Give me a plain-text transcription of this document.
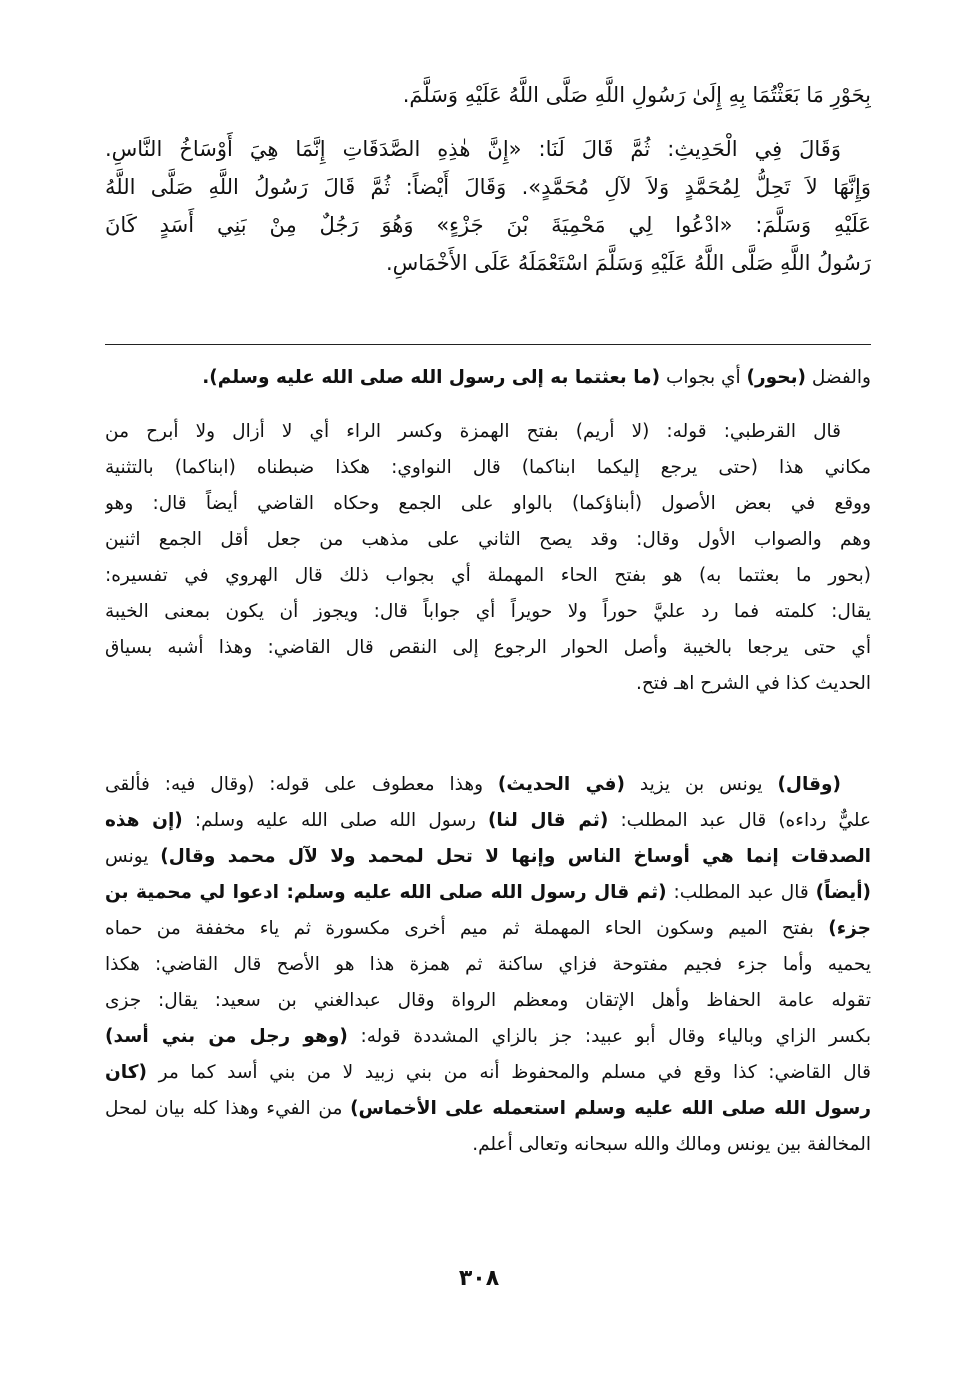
بِحَوْرِ مَا بَعَثْتُمَا بِهِ إِلَىٰ رَسُولِ اللَّهِ صَلَّى اللَّهُ عَلَيْهِ وَسَلَّمَ.
وَقَالَ فِي الْحَدِيثِ: ثُمَّ قَالَ لَنَا: «إِنَّ هٰذِهِ الصَّدَقَاتِ إِنَّمَا هِيَ أَوْسَاخُ النَّاسِ.
وَإِنَّهَا لاَ تَحِلُّ لِمُحَمَّدٍ وَلاَ لآلِ مُحَمَّدٍ». وَقَالَ أَيْضاً: ثُمَّ قَالَ رَسُولُ اللَّهِ صَلَّى اللَّهُ
عَلَيْهِ وَسَلَّمَ: «ادْعُوا لِي مَحْمِيَةَ بْنَ جَزْءٍ» وَهُوَ رَجُلٌ مِنْ بَنِي أَسَدٍ كَانَ
رَسُولُ اللَّهِ صَلَّى اللَّهُ عَلَيْهِ وَسَلَّمَ اسْتَعْمَلَهُ عَلَى الأَخْمَاسِ.
والفضل (بحور) أي بجواب (ما بعثتما به إلى رسول الله صلى الله عليه وسلم).
قال القرطبي: قوله: (لا أريم) بفتح الهمزة وكسر الراء أي لا أزال ولا أبرح من
مكاني هذا (حتى يرجع إليكما ابناكما) قال النواوي: هكذا ضبطناه (ابناكما) بالتثنية
ووقع في بعض الأصول (أبناؤكما) بالواو على الجمع وحكاه القاضي أيضاً قال: وهو
وهم والصواب الأول وقال: وقد يصح الثاني على مذهب من جعل أقل الجمع اثنين
(بحور ما بعثتما به) هو بفتح الحاء المهملة أي بجواب ذلك قال الهروي في تفسيره:
يقال: كلمته فما رد عليَّ حوراً ولا حويراً أي جواباً قال: ويجوز أن يكون بمعنى الخيبة
أي حتى يرجعا بالخيبة وأصل الحوار الرجوع إلى النقص قال القاضي: وهذا أشبه بسياق
الحديث كذا في الشرح اهـ فتح.
(وقال) يونس بن يزيد (في الحديث) وهذا معطوف على قوله: (وقال فيه: فألقى
عليٌّ رداءه) قال عبد المطلب: (ثم قال لنا) رسول الله صلى الله عليه وسلم: (إن هذه
الصدقات إنما هي أوساخ الناس وإنها لا تحل لمحمد ولا لآل محمد وقال) يونس
(أيضاً) قال عبد المطلب: (ثم قال رسول الله صلى الله عليه وسلم: ادعوا لي محمية بن
جزء) بفتح الميم وسكون الحاء المهملة ثم ميم أخرى مكسورة ثم ياء مخففة من حماه
يحميه وأما جزء فجيم مفتوحة فزاي ساكنة ثم همزة هذا هو الأصح قال القاضي: هكذا
تقوله عامة الحفاظ وأهل الإتقان ومعظم الرواة وقال عبدالغني بن سعيد: يقال: جزى
بكسر الزاي وبالياء وقال أبو عبيد: جز بالزاي المشددة قوله: (وهو رجل من بني أسد)
قال القاضي: كذا وقع في مسلم والمحفوظ أنه من بني زبيد لا من بني أسد كما مر (كان
رسول الله صلى الله عليه وسلم استعمله على الأخماس) من الفيء وهذا كله بيان لمحل
المخالفة بين يونس ومالك والله سبحانه وتعالى أعلم.
٣٠٨
